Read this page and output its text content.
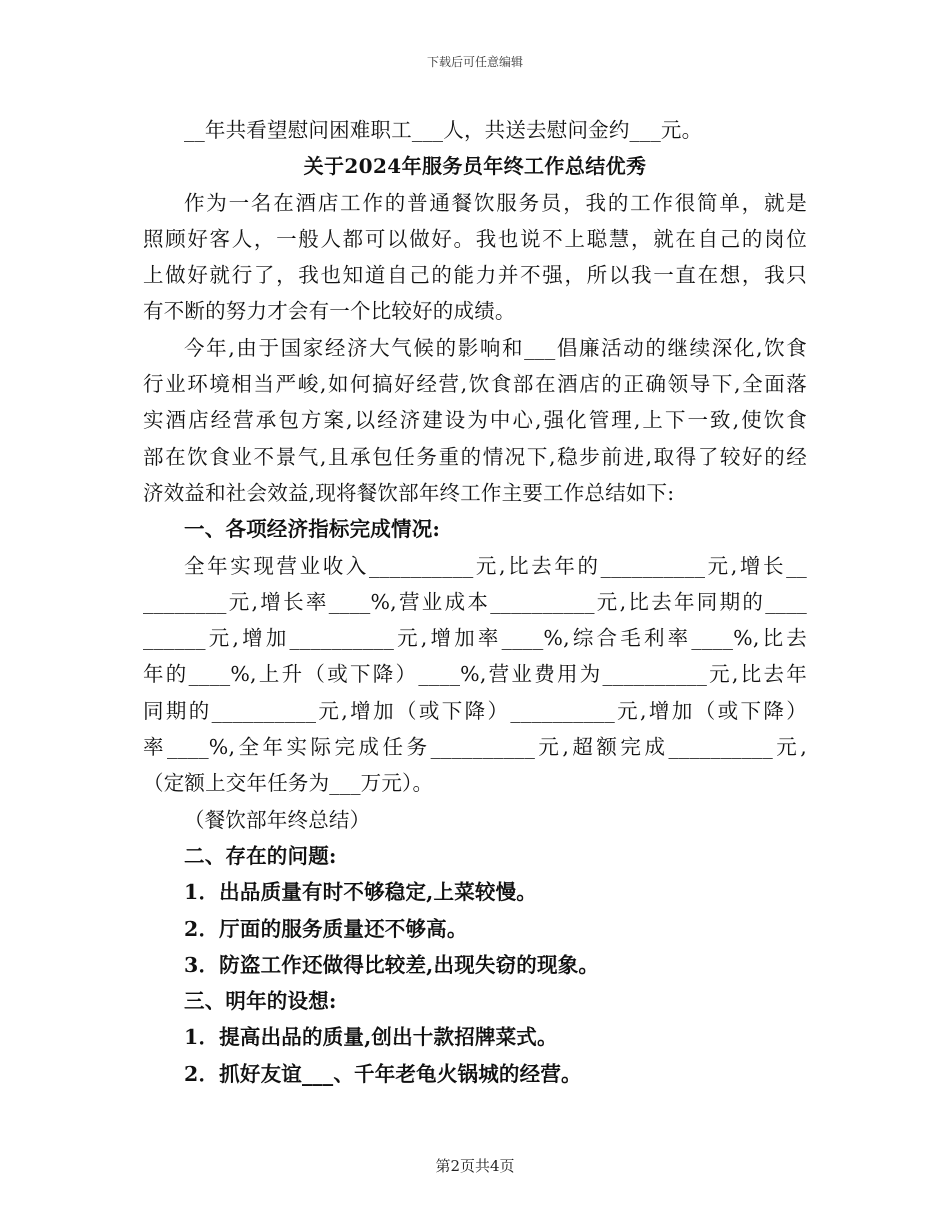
下载后可任意编辑
__年共看望慰问困难职工___人，共送去慰问金约___元。
关于2024年服务员年终工作总结优秀
作为一名在酒店工作的普通餐饮服务员，我的工作很简单，就是
照顾好客人，一般人都可以做好。我也说不上聪慧，就在自己的岗位
上做好就行了，我也知道自己的能力并不强，所以我一直在想，我只
有不断的努力才会有一个比较好的成绩。
今年,由于国家经济大气候的影响和___倡廉活动的继续深化,饮食
行业环境相当严峻,如何搞好经营,饮食部在酒店的正确领导下,全面落
实酒店经营承包方案,以经济建设为中心,强化管理,上下一致,使饮食
部在饮食业不景气,且承包任务重的情况下,稳步前进,取得了较好的经
济效益和社会效益,现将餐饮部年终工作主要工作总结如下:
一、各项经济指标完成情况:
全年实现营业收入__________元,比去年的__________元,增长__
________元,增长率____%,营业成本__________元,比去年同期的____
______元,增加__________元,增加率____%,综合毛利率____%,比去
年的____%,上升（或下降）____%,营业费用为__________元,比去年
同期的__________元,增加（或下降）__________元,增加（或下降）
率____%,全年实际完成任务__________元,超额完成__________元,
（定额上交年任务为___万元）。
（餐饮部年终总结）
二、存在的问题:
1．出品质量有时不够稳定,上菜较慢。
2．厅面的服务质量还不够高。
3．防盗工作还做得比较差,出现失窃的现象。
三、明年的设想:
1．提高出品的质量,创出十款招牌菜式。
2．抓好友谊___、千年老龟火锅城的经营。
第2页共4页
